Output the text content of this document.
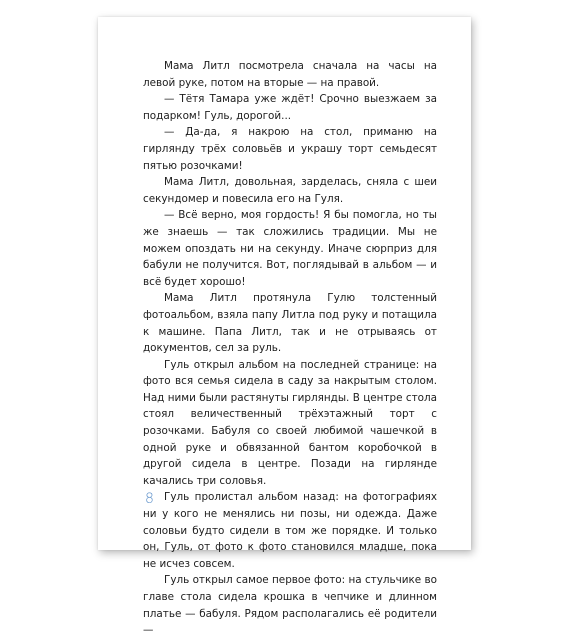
Мама Литл посмотрела сначала на часы на левой руке, потом на вторые — на правой.

— Тётя Тамара уже ждёт! Срочно выезжаем за подарком! Гуль, дорогой...

— Да-да, я накрою на стол, приманю на гирлянду трёх соловьёв и украшу торт семьдесят пятью розочками!

Мама Литл, довольная, зарделась, сняла с шеи секундомер и повесила его на Гуля.

— Всё верно, моя гордость! Я бы помогла, но ты же знаешь — так сложились традиции. Мы не можем опоздать ни на секунду. Иначе сюрприз для бабули не получится. Вот, поглядывай в альбом — и всё будет хорошо!

Мама Литл протянула Гулю толстенный фотоальбом, взяла папу Литла под руку и потащила к машине. Папа Литл, так и не отрываясь от документов, сел за руль.

Гуль открыл альбом на последней странице: на фото вся семья сидела в саду за накрытым столом. Над ними были растянуты гирлянды. В центре стола стоял величественный трёхэтажный торт с розочками. Бабуля со своей любимой чашечкой в одной руке и обвязанной бантом коробочкой в другой сидела в центре. Позади на гирлянде качались три соловья.

Гуль пролистал альбом назад: на фотографиях ни у кого не менялись ни позы, ни одежда. Даже соловьи будто сидели в том же порядке. И только он, Гуль, от фото к фото становился младше, пока не исчез совсем.

Гуль открыл самое первое фото: на стульчике во главе стола сидела крошка в чепчике и длинном платье — бабуля. Рядом располагались её родители —

8
